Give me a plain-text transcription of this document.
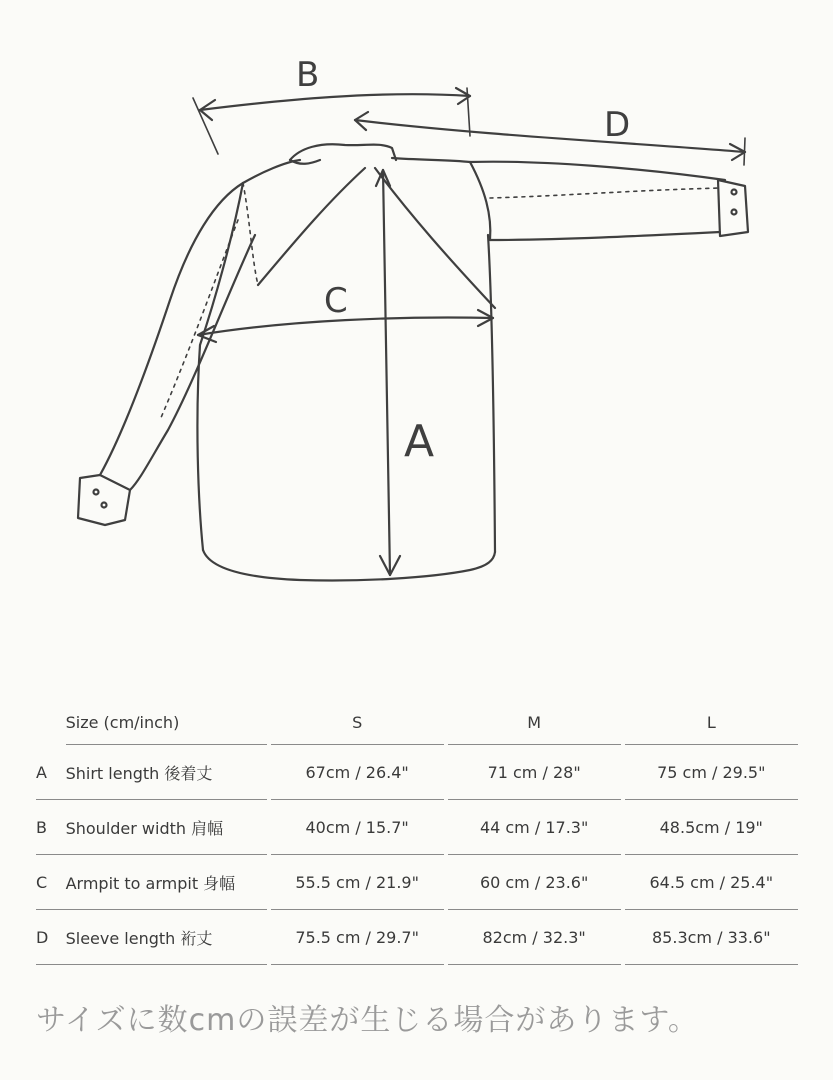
B
D
C
A
	Size (cm/inch)		S		M		L
A	Shirt length 後着丈		67cm / 26.4"		71 cm / 28"		75 cm / 29.5"
B	Shoulder width 肩幅		40cm / 15.7"		44 cm / 17.3"		48.5cm / 19"
C	Armpit to armpit 身幅		55.5 cm / 21.9"		60 cm / 23.6"		64.5 cm / 25.4"
D	Sleeve length 裄丈		75.5 cm / 29.7"		82cm / 32.3"		85.3cm / 33.6"
サイズに数cmの誤差が生じる場合があります。
